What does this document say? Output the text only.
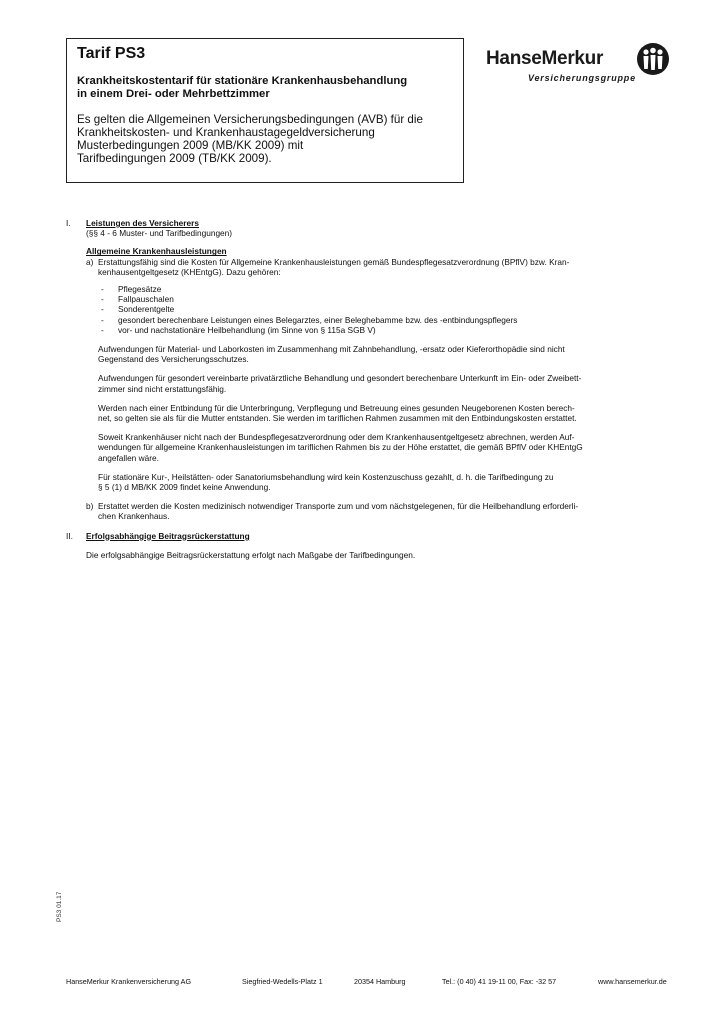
Tarif PS3
Krankheitskostentarif für stationäre Krankenhausbehandlung
in einem Drei- oder Mehrbettzimmer
Es gelten die Allgemeinen Versicherungsbedingungen (AVB) für die
Krankheitskosten- und Krankenhaustagegeldversicherung
Musterbedingungen 2009 (MB/KK 2009) mit
Tarifbedingungen 2009 (TB/KK 2009).
HanseMerkur
Versicherungsgruppe
I. Leistungen des Versicherers
(§§ 4 - 6 Muster- und Tarifbedingungen)
Allgemeine Krankenhausleistungen
a) Erstattungsfähig sind die Kosten für Allgemeine Krankenhausleistungen gemäß Bundespflegesatzverordnung (BPflV) bzw. Kran-
kenhausentgeltgesetz (KHEntgG). Dazu gehören:

- Pflegesätze
- Fallpauschalen
- Sonderentgelte
- gesondert berechenbare Leistungen eines Belegarztes, einer Beleghebamme bzw. des -entbindungspflegers
- vor- und nachstationäre Heilbehandlung (im Sinne von § 115a SGB V)

Aufwendungen für Material- und Laborkosten im Zusammenhang mit Zahnbehandlung, -ersatz oder Kieferorthopädie sind nicht
Gegenstand des Versicherungsschutzes.

Aufwendungen für gesondert vereinbarte privatärztliche Behandlung und gesondert berechenbare Unterkunft im Ein- oder Zweibett-
zimmer sind nicht erstattungsfähig.

Werden nach einer Entbindung für die Unterbringung, Verpflegung und Betreuung eines gesunden Neugeborenen Kosten berech-
net, so gelten sie als für die Mutter entstanden. Sie werden im tariflichen Rahmen zusammen mit den Entbindungskosten erstattet.

Soweit Krankenhäuser nicht nach der Bundespflegesatzverordnung oder dem Krankenhausentgeltgesetz abrechnen, werden Auf-
wendungen für allgemeine Krankenhausleistungen im tariflichen Rahmen bis zu der Höhe erstattet, die gemäß BPflV oder KHEntgG
angefallen wäre.

Für stationäre Kur-, Heilstätten- oder Sanatoriumsbehandlung wird kein Kostenzuschuss gezahlt, d. h. die Tarifbedingung zu
§ 5 (1) d MB/KK 2009 findet keine Anwendung.

b) Erstattet werden die Kosten medizinisch notwendiger Transporte zum und vom nächstgelegenen, für die Heilbehandlung erforderli-
chen Krankenhaus.

II. Erfolgsabhängige Beitragsrückerstattung
Die erfolgsabhängige Beitragsrückerstattung erfolgt nach Maßgabe der Tarifbedingungen.
PS3 01.17
HanseMerkur Krankenversicherung AG	Siegfried-Wedells-Platz 1	20354 Hamburg	Tel.: (0 40) 41 19-11 00, Fax: -32 57	www.hansemerkur.de
